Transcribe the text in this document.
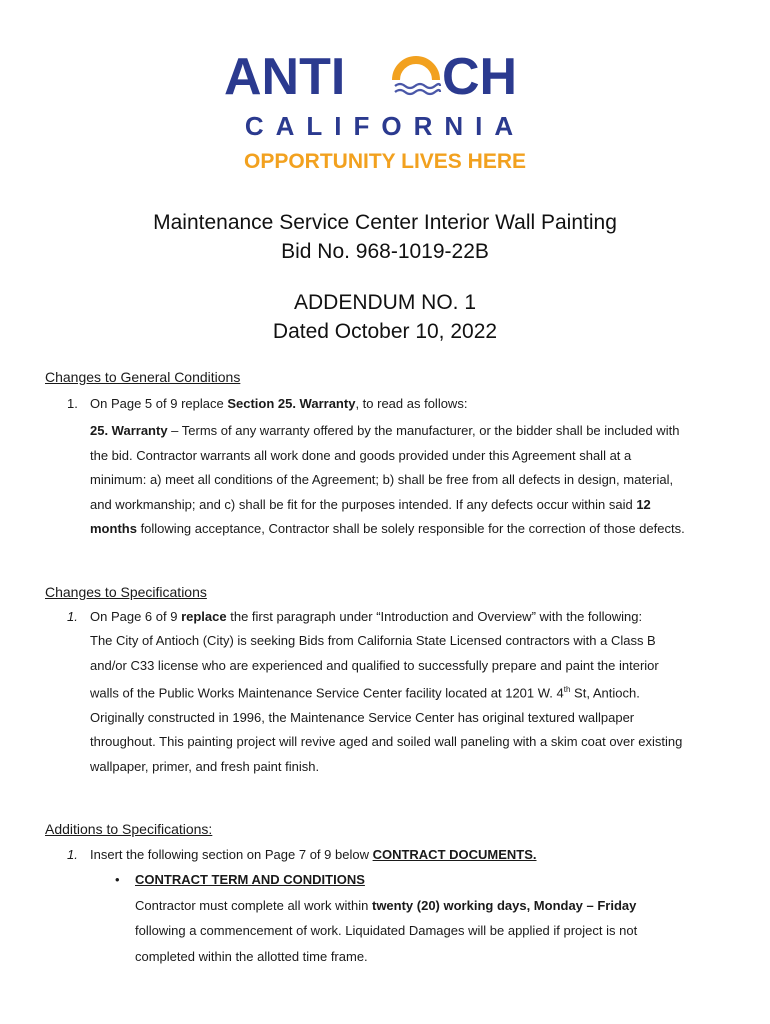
ANTI CH
CALIFORNIA
OPPORTUNITY LIVES HERE
Maintenance Service Center Interior Wall Painting
Bid No. 968-1019-22B
ADDENDUM NO. 1
Dated October 10, 2022

Changes to General Conditions

1. On Page 5 of 9 replace Section 25. Warranty, to read as follows:

25. Warranty – Terms of any warranty offered by the manufacturer, or the bidder shall be included with

the bid. Contractor warrants all work done and goods provided under this Agreement shall at a

minimum: a) meet all conditions of the Agreement; b) shall be free from all defects in design, material,

and workmanship; and c) shall be fit for the purposes intended. If any defects occur within said 12

months following acceptance, Contractor shall be solely responsible for the correction of those defects.

Changes to Specifications

1. On Page 6 of 9 replace the first paragraph under “Introduction and Overview” with the following:

The City of Antioch (City) is seeking Bids from California State Licensed contractors with a Class B

and/or C33 license who are experienced and qualified to successfully prepare and paint the interior

walls of the Public Works Maintenance Service Center facility located at 1201 W. 4th St, Antioch.

Originally constructed in 1996, the Maintenance Service Center has original textured wallpaper

throughout. This painting project will revive aged and soiled wall paneling with a skim coat over existing

wallpaper, primer, and fresh paint finish.

Additions to Specifications:

1. Insert the following section on Page 7 of 9 below CONTRACT DOCUMENTS.

• CONTRACT TERM AND CONDITIONS

Contractor must complete all work within twenty (20) working days, Monday – Friday

following a commencement of work. Liquidated Damages will be applied if project is not

completed within the allotted time frame.
